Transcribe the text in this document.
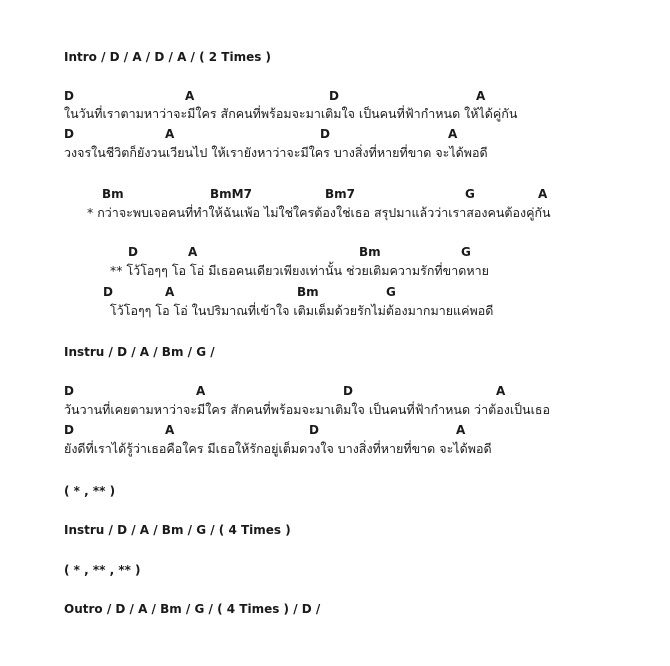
Intro / D / A / D / A / ( 2 Times )
D	A	D	A
ในวันที่เราตามหาว่าจะมีใคร สักคนที่พร้อมจะมาเติมใจ เป็นคนที่ฟ้ากำหนด ให้ได้คู่กัน
D	A	D	A
วงจรในชีวิตก็ยังวนเวียนไป ให้เรายังหาว่าจะมีใคร บางสิ่งที่หายที่ขาด จะได้พอดี
Bm	BmM7	Bm7	G	A
* กว่าจะพบเจอคนที่ทำให้ฉันเพ้อ ไม่ใช่ใครต้องใช่เธอ สรุปมาแล้วว่าเราสองคนต้องคู่กัน
D	A	Bm	G
** โว้โอๆๆ โอ โอ่ มีเธอคนเดียวเพียงเท่านั้น ช่วยเติมความรักที่ขาดหาย
D	A	Bm	G
โว้โอๆๆ โอ โอ่ ในปริมาณที่เข้าใจ เติมเต็มด้วยรักไม่ต้องมากมายแค่พอดี
Instru / D / A / Bm / G /
D	A	D	A
วันวานที่เคยตามหาว่าจะมีใคร สักคนที่พร้อมจะมาเติมใจ เป็นคนที่ฟ้ากำหนด ว่าต้องเป็นเธอ
D	A	D	A
ยังดีที่เราได้รู้ว่าเธอคือใคร มีเธอให้รักอยู่เต็มดวงใจ บางสิ่งที่หายที่ขาด จะได้พอดี
( * , ** )
Instru / D / A / Bm / G / ( 4 Times )
( * , ** , ** )
Outro / D / A / Bm / G / ( 4 Times ) / D /
